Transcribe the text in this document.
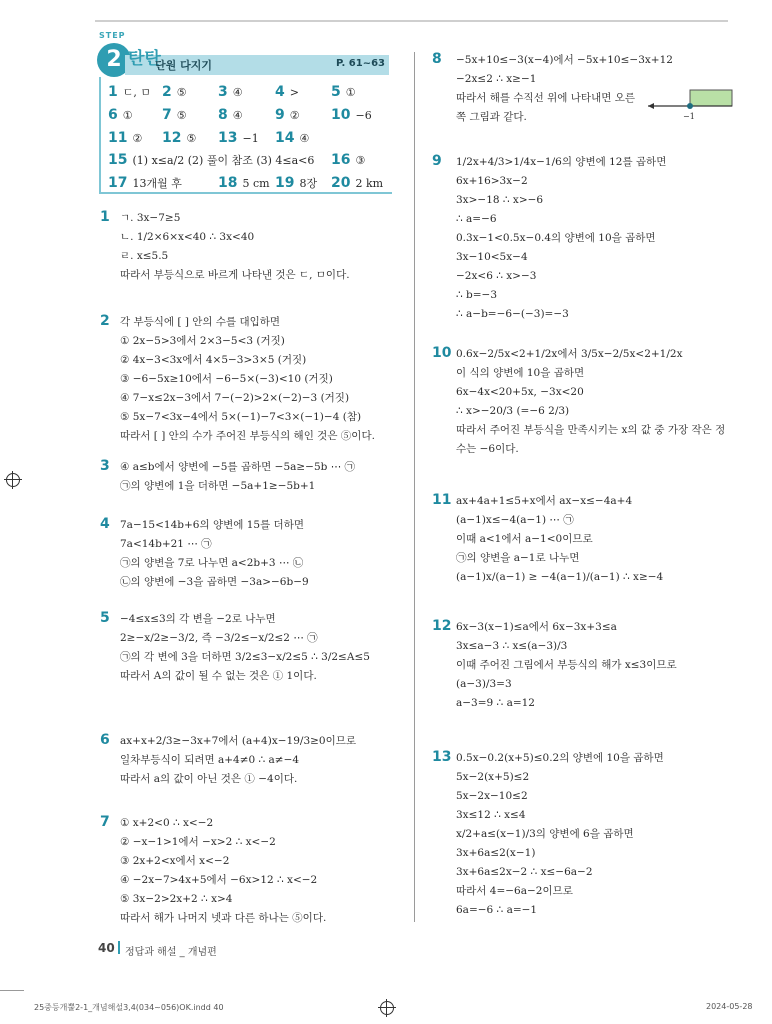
STEP
2 탄탄
단원 다지기	P. 61~63
1 ㄷ, ㅁ 2 ⑤ 3 ④ 4 > 5 ①
6 ① 7 ⑤ 8 ④ 9 ② 10 −6
11 ② 12 ⑤ 13 −1 14 ④
15 (1) x≤a/2 (2) 풀이 참조 (3) 4≤a<6 16 ③
17 13개월 후	18 5 cm 19 8장 20 2 km
1 ㄱ. 3x−7≥5
ㄴ. 1/2×6×x<40 ∴ 3x<40
ㄹ. x≤5.5
따라서 부등식으로 바르게 나타낸 것은 ㄷ, ㅁ이다.
2 각 부등식에 [ ] 안의 수를 대입하면
① 2x−5>3에서 2×3−5<3 (거짓)
② 4x−3<3x에서 4×5−3>3×5 (거짓)
③ −6−5x≥10에서 −6−5×(−3)<10 (거짓)
④ 7−x≤2x−3에서 7−(−2)>2×(−2)−3 (거짓)
⑤ 5x−7<3x−4에서 5×(−1)−7<3×(−1)−4 (참)
따라서 [ ] 안의 수가 주어진 부등식의 해인 것은 ⑤이다.
3 ④ a≤b에서 양변에 −5를 곱하면 −5a≥−5b ⋯ ㉠
㉠의 양변에 1을 더하면 −5a+1≥−5b+1
4 7a−15<14b+6의 양변에 15를 더하면
7a<14b+21 ⋯ ㉠
㉠의 양변을 7로 나누면 a<2b+3 ⋯ ㉡
㉡의 양변에 −3을 곱하면 −3a>−6b−9
5 −4≤x≤3의 각 변을 −2로 나누면
2≥−x/2≥−3/2, 즉 −3/2≤−x/2≤2 ⋯ ㉠
㉠의 각 변에 3을 더하면 3/2≤3−x/2≤5 ∴ 3/2≤A≤5
따라서 A의 값이 될 수 없는 것은 ① 1이다.
6 ax+x+2/3≥−3x+7에서 (a+4)x−19/3≥0이므로
일차부등식이 되려면 a+4≠0 ∴ a≠−4
따라서 a의 값이 아닌 것은 ① −4이다.
7 ① x+2<0 ∴ x<−2
② −x−1>1에서 −x>2 ∴ x<−2
③ 2x+2<x에서 x<−2
④ −2x−7>4x+5에서 −6x>12 ∴ x<−2
⑤ 3x−2>2x+2 ∴ x>4
따라서 해가 나머지 넷과 다른 하나는 ⑤이다.
8 −5x+10≤−3(x−4)에서 −5x+10≤−3x+12
−2x≤2 ∴ x≥−1
따라서 해를 수직선 위에 나타내면 오른
쪽 그림과 같다.
9 1/2x+4/3>1/4x−1/6의 양변에 12를 곱하면
6x+16>3x−2
3x>−18 ∴ x>−6
∴ a=−6
0.3x−1<0.5x−0.4의 양변에 10을 곱하면
3x−10<5x−4
−2x<6 ∴ x>−3
∴ b=−3
∴ a−b=−6−(−3)=−3
10 0.6x−2/5x<2+1/2x에서 3/5x−2/5x<2+1/2x
이 식의 양변에 10을 곱하면
6x−4x<20+5x, −3x<20
∴ x>−20/3 (=−6 2/3)
따라서 주어진 부등식을 만족시키는 x의 값 중 가장 작은 정
수는 −6이다.
11 ax+4a+1≤5+x에서 ax−x≤−4a+4
(a−1)x≤−4(a−1) ⋯ ㉠
이때 a<1에서 a−1<0이므로
㉠의 양변을 a−1로 나누면
(a−1)x/(a−1) ≥ −4(a−1)/(a−1) ∴ x≥−4
12 6x−3(x−1)≤a에서 6x−3x+3≤a
3x≤a−3 ∴ x≤(a−3)/3
이때 주어진 그림에서 부등식의 해가 x≤3이므로
(a−3)/3=3
a−3=9 ∴ a=12
13 0.5x−0.2(x+5)≤0.2의 양변에 10을 곱하면
5x−2(x+5)≤2
5x−2x−10≤2
3x≤12 ∴ x≤4
x/2+a≤(x−1)/3의 양변에 6을 곱하면
3x+6a≤2(x−1)
3x+6a≤2x−2 ∴ x≤−6a−2
따라서 4=−6a−2이므로
6a=−6 ∴ a=−1
−1
40 정답과 해설 _ 개념편
25중등개뿔2-1_개념해설3,4(034~056)OK.indd 40	2024-05-28
